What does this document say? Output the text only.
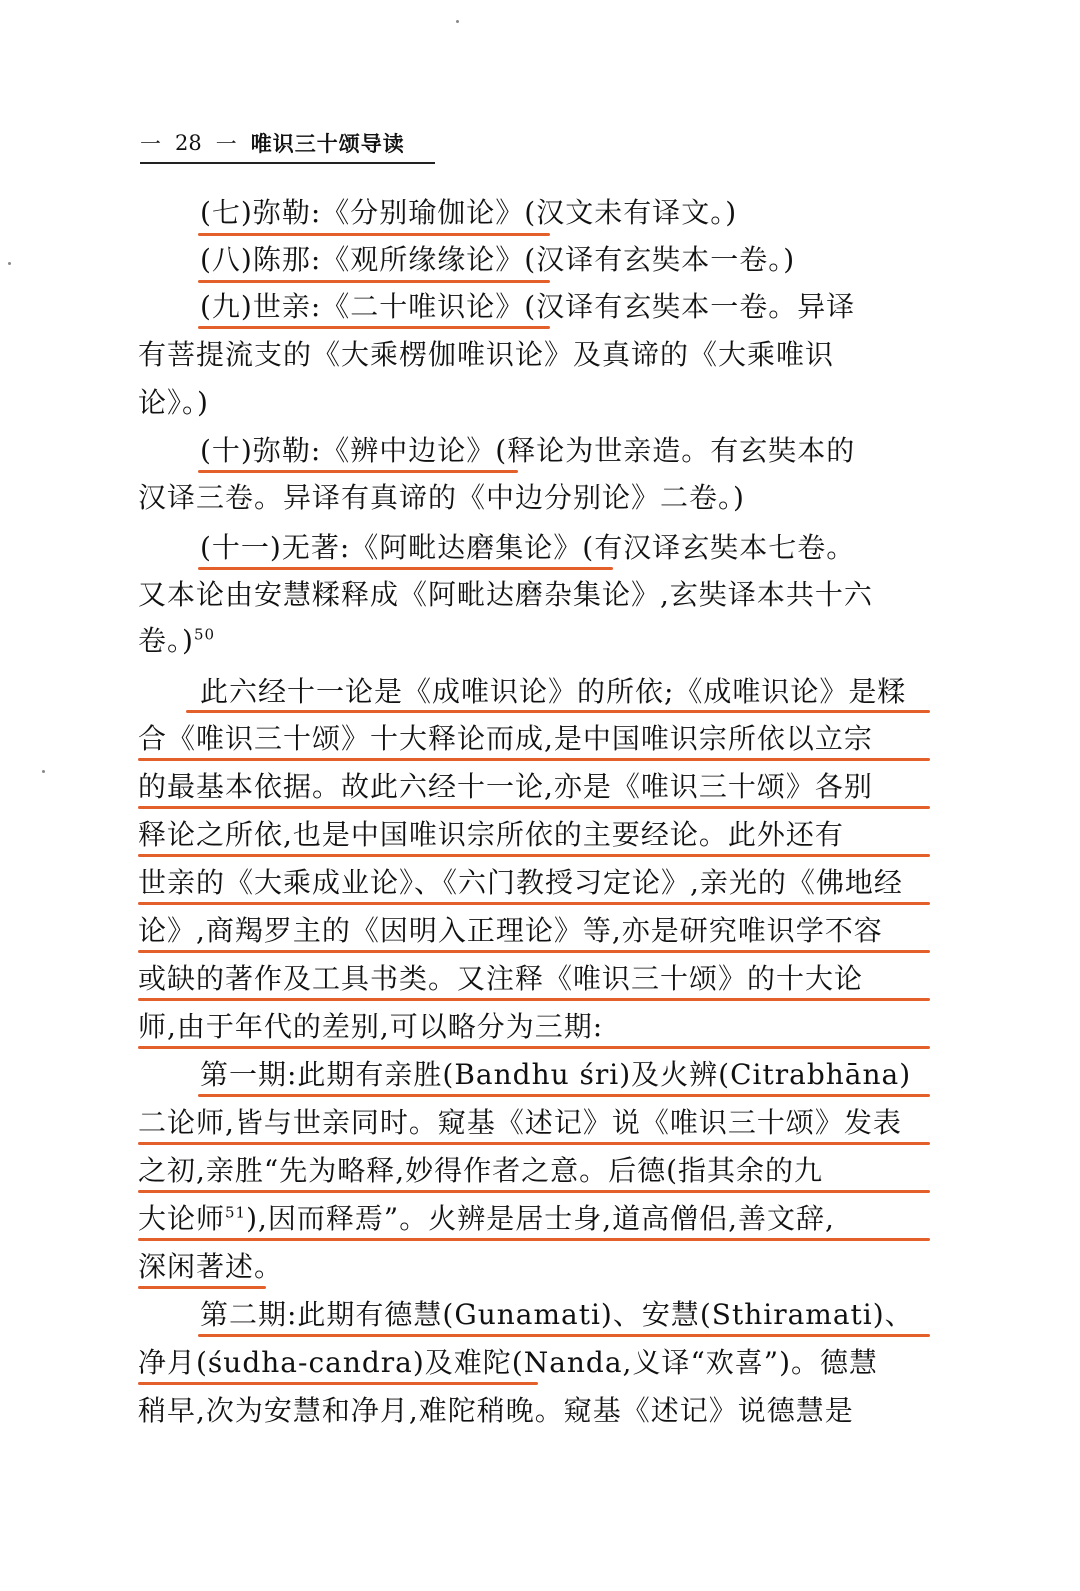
一 28 一 唯识三十颂导读
(七)弥勒:《分别瑜伽论》(汉文未有译文。)
(八)陈那:《观所缘缘论》(汉译有玄奘本一卷。)
(九)世亲:《二十唯识论》(汉译有玄奘本一卷。异译
有菩提流支的《大乘楞伽唯识论》及真谛的《大乘唯识
论》。)
(十)弥勒:《辨中边论》(释论为世亲造。有玄奘本的
汉译三卷。异译有真谛的《中边分别论》二卷。)
(十一)无著:《阿毗达磨集论》(有汉译玄奘本七卷。
又本论由安慧糅释成《阿毗达磨杂集论》,玄奘译本共十六
卷。)$^{50}$
此六经十一论是《成唯识论》的所依;《成唯识论》是糅
合《唯识三十颂》十大释论而成,是中国唯识宗所依以立宗
的最基本依据。故此六经十一论,亦是《唯识三十颂》各别
释论之所依,也是中国唯识宗所依的主要经论。此外还有
世亲的《大乘成业论》、《六门教授习定论》,亲光的《佛地经
论》,商羯罗主的《因明入正理论》等,亦是研究唯识学不容
或缺的著作及工具书类。又注释《唯识三十颂》的十大论
师,由于年代的差别,可以略分为三期:
第一期:此期有亲胜(Bandhu śri)及火辨(Citrabhāna)
二论师,皆与世亲同时。窥基《述记》说《唯识三十颂》发表
之初,亲胜“先为略释,妙得作者之意。后德(指其余的九
大论师$^{51}$),因而释焉”。火辨是居士身,道高僧侣,善文辞,
深闲著述。
第二期:此期有德慧(Gunamati)、安慧(Sthiramati)、
净月(śudha-candra)及难陀(Nanda,义译“欢喜”)。德慧
稍早,次为安慧和净月,难陀稍晚。窥基《述记》说德慧是
